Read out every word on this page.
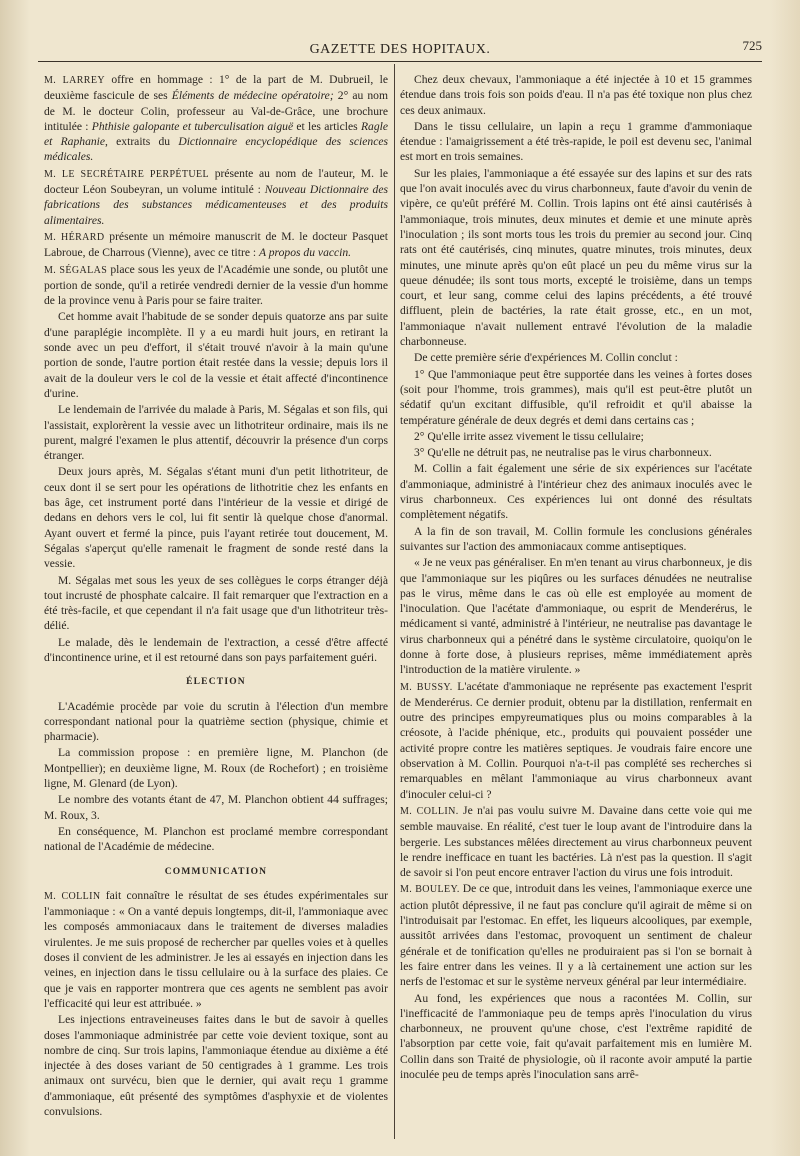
GAZETTE DES HOPITAUX.	725

M. LARREY offre en hommage : 1° de la part de M. Dubrueil, le deuxième fascicule de ses Éléments de médecine opératoire; 2° au nom de M. le docteur Colin, professeur au Val-de-Grâce, une brochure intitulée : Phthisie galopante et tuberculisation aiguë et les articles Ragle et Raphanie, extraits du Dictionnaire encyclopédique des sciences médicales.

M. LE SECRÉTAIRE PERPÉTUEL présente au nom de l'auteur, M. le docteur Léon Soubeyran, un volume intitulé : Nouveau Dictionnaire des fabrications des substances médicamenteuses et des produits alimentaires.

M. HÉRARD présente un mémoire manuscrit de M. le docteur Pasquet Labroue, de Charrous (Vienne), avec ce titre : A propos du vaccin.

M. SÉGALAS place sous les yeux de l'Académie une sonde, ou plutôt une portion de sonde, qu'il a retirée vendredi dernier de la vessie d'un homme de la province venu à Paris pour se faire traiter.

Cet homme avait l'habitude de se sonder depuis quatorze ans par suite d'une paraplégie incomplète. Il y a eu mardi huit jours, en retirant la sonde avec un peu d'effort, il s'était trouvé n'avoir à la main qu'une portion de sonde, l'autre portion était restée dans la vessie; depuis lors il avait de la douleur vers le col de la vessie et était affecté d'incontinence d'urine.

Le lendemain de l'arrivée du malade à Paris, M. Ségalas et son fils, qui l'assistait, explorèrent la vessie avec un lithotriteur ordinaire, mais ils ne purent, malgré l'examen le plus attentif, découvrir la présence d'un corps étranger.

Deux jours après, M. Ségalas s'étant muni d'un petit lithotriteur, de ceux dont il se sert pour les opérations de lithotritie chez les enfants en bas âge, cet instrument porté dans l'intérieur de la vessie et dirigé de dedans en dehors vers le col, lui fit sentir là quelque chose d'anormal. Ayant ouvert et fermé la pince, puis l'ayant retirée tout doucement, M. Ségalas s'aperçut qu'elle ramenait le fragment de sonde resté dans la vessie.

M. Ségalas met sous les yeux de ses collègues le corps étranger déjà tout incrusté de phosphate calcaire. Il fait remarquer que l'extraction en a été très-facile, et que cependant il n'a fait usage que d'un lithotriteur très-délié.

Le malade, dès le lendemain de l'extraction, a cessé d'être affecté d'incontinence urine, et il est retourné dans son pays parfaitement guéri.

ÉLECTION

L'Académie procède par voie du scrutin à l'élection d'un membre correspondant national pour la quatrième section (physique, chimie et pharmacie).

La commission propose : en première ligne, M. Planchon (de Montpellier); en deuxième ligne, M. Roux (de Rochefort) ; en troisième ligne, M. Glenard (de Lyon).

Le nombre des votants étant de 47, M. Planchon obtient 44 suffrages; M. Roux, 3.

En conséquence, M. Planchon est proclamé membre correspondant national de l'Académie de médecine.

COMMUNICATION

M. COLLIN fait connaître le résultat de ses études expérimentales sur l'ammoniaque : « On a vanté depuis longtemps, dit-il, l'ammoniaque avec les composés ammoniacaux dans le traitement de diverses maladies virulentes. Je me suis proposé de rechercher par quelles voies et à quelles doses il convient de les administrer. Je les ai essayés en injection dans les veines, en injection dans le tissu cellulaire ou à la surface des plaies. Ce que je vais en rapporter montrera que ces agents ne semblent pas avoir l'efficacité qui leur est attribuée. »

Les injections entraveineuses faites dans le but de savoir à quelles doses l'ammoniaque administrée par cette voie devient toxique, sont au nombre de cinq. Sur trois lapins, l'ammoniaque étendue au dixième a été injectée à des doses variant de 50 centigrades à 1 gramme. Les trois animaux ont survécu, bien que le dernier, qui avait reçu 1 gramme d'ammoniaque, eût présenté des symptômes d'asphyxie et de violentes convulsions.

Chez deux chevaux, l'ammoniaque a été injectée à 10 et 15 grammes étendue dans trois fois son poids d'eau. Il n'a pas été toxique non plus chez ces deux animaux.

Dans le tissu cellulaire, un lapin a reçu 1 gramme d'ammoniaque étendue : l'amaigrissement a été très-rapide, le poil est devenu sec, l'animal est mort en trois semaines.

Sur les plaies, l'ammoniaque a été essayée sur des lapins et sur des rats que l'on avait inoculés avec du virus charbonneux, faute d'avoir du venin de vipère, ce qu'eût préféré M. Collin. Trois lapins ont été ainsi cautérisés à l'ammoniaque, trois minutes, deux minutes et demie et une minute après l'inoculation ; ils sont morts tous les trois du premier au second jour. Cinq rats ont été cautérisés, cinq minutes, quatre minutes, trois minutes, deux minutes, une minute après qu'on eût placé un peu du même virus sur la queue dénudée; ils sont tous morts, excepté le troisième, dans un temps court, et leur sang, comme celui des lapins précédents, a été trouvé diffluent, plein de bactéries, la rate était grosse, etc., en un mot, l'ammoniaque n'avait nullement entravé l'évolution de la maladie charbonneuse.

De cette première série d'expériences M. Collin conclut :

1° Que l'ammoniaque peut être supportée dans les veines à fortes doses (soit pour l'homme, trois grammes), mais qu'il est peut-être plutôt un sédatif qu'un excitant diffusible, qu'il refroidit et qu'il abaisse la température générale de deux degrés et demi dans certains cas ;

2° Qu'elle irrite assez vivement le tissu cellulaire;

3° Qu'elle ne détruit pas, ne neutralise pas le virus charbonneux.

M. Collin a fait également une série de six expériences sur l'acétate d'ammoniaque, administré à l'intérieur chez des animaux inoculés avec le virus charbonneux. Ces expériences lui ont donné des résultats complètement négatifs.

A la fin de son travail, M. Collin formule les conclusions générales suivantes sur l'action des ammoniacaux comme antiseptiques.

« Je ne veux pas généraliser. En m'en tenant au virus charbonneux, je dis que l'ammoniaque sur les piqûres ou les surfaces dénudées ne neutralise pas le virus, même dans le cas où elle est employée au moment de l'inoculation. Que l'acétate d'ammoniaque, ou esprit de Menderérus, le médicament si vanté, administré à l'intérieur, ne neutralise pas davantage le virus charbonneux qui a pénétré dans le système circulatoire, quoiqu'on le donne à forte dose, à plusieurs reprises, même immédiatement après l'introduction de la matière virulente. »

M. BUSSY. L'acétate d'ammoniaque ne représente pas exactement l'esprit de Menderérus. Ce dernier produit, obtenu par la distillation, renfermait en outre des principes empyreumatiques plus ou moins comparables à la créosote, à l'acide phénique, etc., produits qui pouvaient posséder une activité propre contre les matières septiques. Je voudrais faire encore une observation à M. Collin. Pourquoi n'a-t-il pas complété ses recherches si remarquables en mêlant l'ammoniaque au virus charbonneux avant d'inoculer celui-ci ?

M. COLLIN. Je n'ai pas voulu suivre M. Davaine dans cette voie qui me semble mauvaise. En réalité, c'est tuer le loup avant de l'introduire dans la bergerie. Les substances mêlées directement au virus charbonneux peuvent le rendre inefficace en tuant les bactéries. Là n'est pas la question. Il s'agit de savoir si l'on peut encore entraver l'action du virus une fois introduit.

M. BOULEY. De ce que, introduit dans les veines, l'ammoniaque exerce une action plutôt dépressive, il ne faut pas conclure qu'il agirait de même si on l'introduisait par l'estomac. En effet, les liqueurs alcooliques, par exemple, aussitôt arrivées dans l'estomac, provoquent un sentiment de chaleur générale et de tonification qu'elles ne produiraient pas si l'on se bornait à les faire entrer dans les veines. Il y a là certainement une action sur les nerfs de l'estomac et sur le système nerveux général par leur intermédiaire.

Au fond, les expériences que nous a racontées M. Collin, sur l'inefficacité de l'ammoniaque peu de temps après l'inoculation du virus charbonneux, ne prouvent qu'une chose, c'est l'extrême rapidité de l'absorption par cette voie, fait qu'avait parfaitement mis en lumière M. Collin dans son Traité de physiologie, où il raconte avoir amputé la partie inoculée peu de temps après l'inoculation sans arrê-
